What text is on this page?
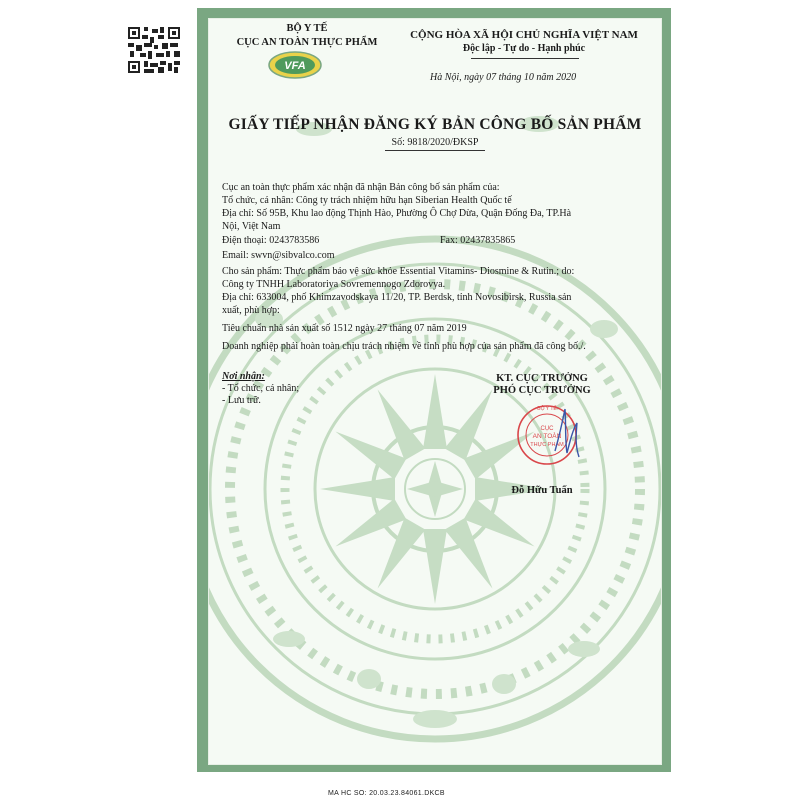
BỘ Y TẾ
CỤC AN TOÀN THỰC PHẨM
VFA
CỘNG HÒA XÃ HỘI CHỦ NGHĨA VIỆT NAM
Độc lập - Tự do - Hạnh phúc
Hà Nội, ngày 07 tháng 10 năm 2020
GIẤY TIẾP NHẬN ĐĂNG KÝ BẢN CÔNG BỐ SẢN PHẨM
Số: 9818/2020/ĐKSP
Cục an toàn thực phẩm xác nhận đã nhận Bản công bố sản phẩm của:
Tổ chức, cá nhân: Công ty trách nhiệm hữu hạn Siberian Health Quốc tế
Địa chỉ: Số 95B, Khu lao động Thịnh Hào, Phường Ô Chợ Dừa, Quận Đống Đa, TP.Hà
Nội, Việt Nam
Điện thoại: 0243783586	Fax: 02437835865
Email: swvn@sibvalco.com
Cho sản phẩm: Thực phẩm bảo vệ sức khỏe Essential Vitamins- Diosmine & Rutin.; do:
Công ty TNHH Laboratoriya Sovremennogo Zdorovya.
Địa chỉ: 633004, phố Khimzavodskaya 11/20, TP. Berdsk, tỉnh Novosibirsk, Russia sản
xuất, phù hợp:
Tiêu chuẩn nhà sản xuất số 1512 ngày 27 tháng 07 năm 2019
Doanh nghiệp phải hoàn toàn chịu trách nhiệm về tính phù hợp của sản phẩm đã công bố./.
Nơi nhận:
- Tổ chức, cá nhân;
- Lưu trữ.
KT. CỤC TRƯỞNG
PHÓ CỤC TRƯỞNG
BỘ Y TẾ
CỤC
AN TOÀN
THỰC PHẨM
Đỗ Hữu Tuấn
MA HC SO: 20.03.23.84061.DKCB
